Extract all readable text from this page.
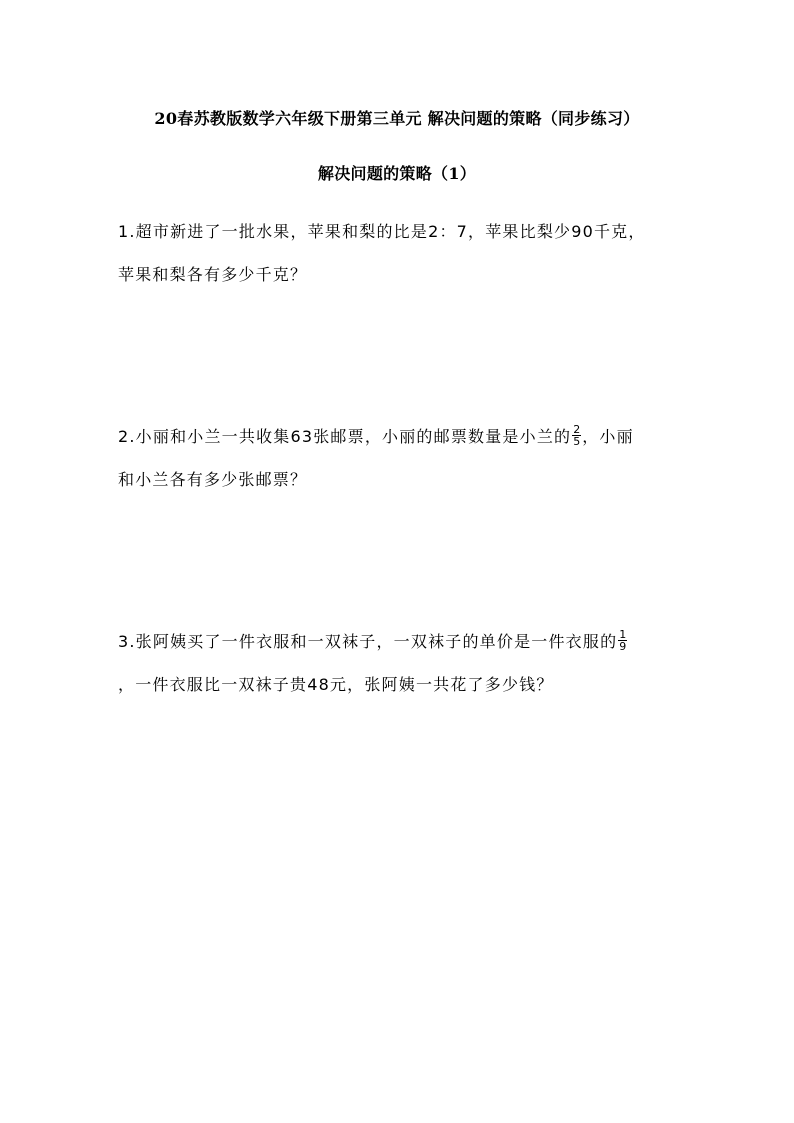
20春苏教版数学六年级下册第三单元 解决问题的策略（同步练习）
解决问题的策略（1）
1.超市新进了一批水果，苹果和梨的比是2：7，苹果比梨少90千克，
苹果和梨各有多少千克？
2.小丽和小兰一共收集63张邮票，小丽的邮票数量是小兰的 $\frac{2}{5}$ ，小丽
和小兰各有多少张邮票？
3.张阿姨买了一件衣服和一双袜子，一双袜子的单价是一件衣服的 $\frac{1}{9}$
，一件衣服比一双袜子贵48元，张阿姨一共花了多少钱？
